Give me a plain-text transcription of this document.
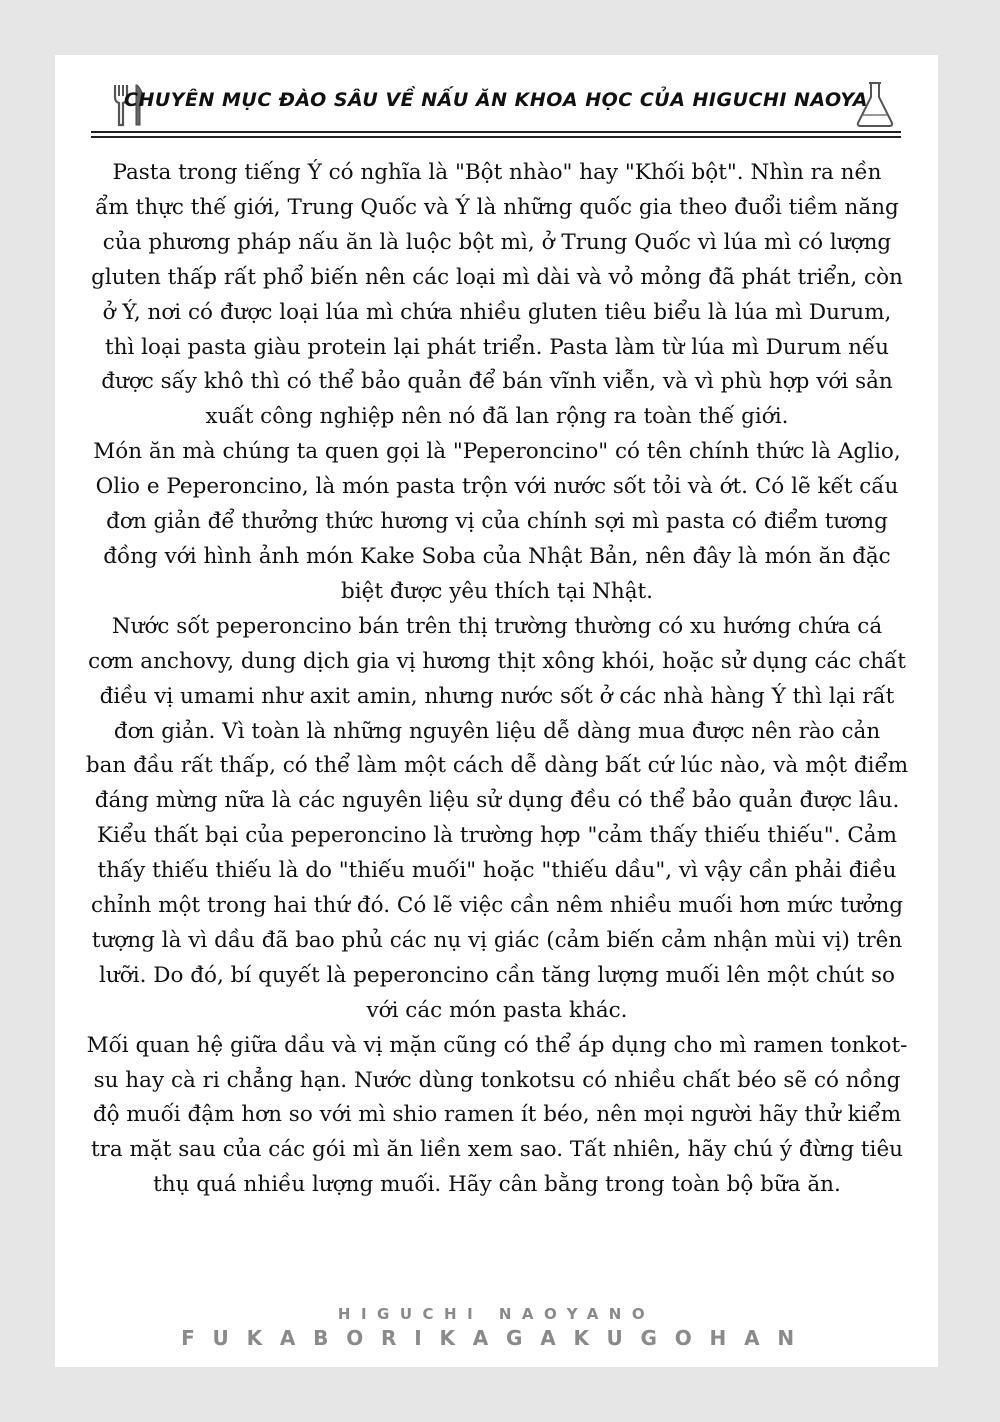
CHUYÊN MỤC ĐÀO SÂU VỀ NẤU ĂN KHOA HỌC CỦA HIGUCHI NAOYA
Pasta trong tiếng Ý có nghĩa là "Bột nhào" hay "Khối bột". Nhìn ra nền
ẩm thực thế giới, Trung Quốc và Ý là những quốc gia theo đuổi tiềm năng
của phương pháp nấu ăn là luộc bột mì, ở Trung Quốc vì lúa mì có lượng
gluten thấp rất phổ biến nên các loại mì dài và vỏ mỏng đã phát triển, còn
ở Ý, nơi có được loại lúa mì chứa nhiều gluten tiêu biểu là lúa mì Durum,
thì loại pasta giàu protein lại phát triển. Pasta làm từ lúa mì Durum nếu
được sấy khô thì có thể bảo quản để bán vĩnh viễn, và vì phù hợp với sản
xuất công nghiệp nên nó đã lan rộng ra toàn thế giới.
Món ăn mà chúng ta quen gọi là "Peperoncino" có tên chính thức là Aglio,
Olio e Peperoncino, là món pasta trộn với nước sốt tỏi và ớt. Có lẽ kết cấu
đơn giản để thưởng thức hương vị của chính sợi mì pasta có điểm tương
đồng với hình ảnh món Kake Soba của Nhật Bản, nên đây là món ăn đặc
biệt được yêu thích tại Nhật.
Nước sốt peperoncino bán trên thị trường thường có xu hướng chứa cá
cơm anchovy, dung dịch gia vị hương thịt xông khói, hoặc sử dụng các chất
điều vị umami như axit amin, nhưng nước sốt ở các nhà hàng Ý thì lại rất
đơn giản. Vì toàn là những nguyên liệu dễ dàng mua được nên rào cản
ban đầu rất thấp, có thể làm một cách dễ dàng bất cứ lúc nào, và một điểm
đáng mừng nữa là các nguyên liệu sử dụng đều có thể bảo quản được lâu.
Kiểu thất bại của peperoncino là trường hợp "cảm thấy thiếu thiếu". Cảm
thấy thiếu thiếu là do "thiếu muối" hoặc "thiếu dầu", vì vậy cần phải điều
chỉnh một trong hai thứ đó. Có lẽ việc cần nêm nhiều muối hơn mức tưởng
tượng là vì dầu đã bao phủ các nụ vị giác (cảm biến cảm nhận mùi vị) trên
lưỡi. Do đó, bí quyết là peperoncino cần tăng lượng muối lên một chút so
với các món pasta khác.
Mối quan hệ giữa dầu và vị mặn cũng có thể áp dụng cho mì ramen tonkot-
su hay cà ri chẳng hạn. Nước dùng tonkotsu có nhiều chất béo sẽ có nồng
độ muối đậm hơn so với mì shio ramen ít béo, nên mọi người hãy thử kiểm
tra mặt sau của các gói mì ăn liền xem sao. Tất nhiên, hãy chú ý đừng tiêu
thụ quá nhiều lượng muối. Hãy cân bằng trong toàn bộ bữa ăn.
HIGUCHI NAOYANO
FUKABORIKAGAKUGOHAN
